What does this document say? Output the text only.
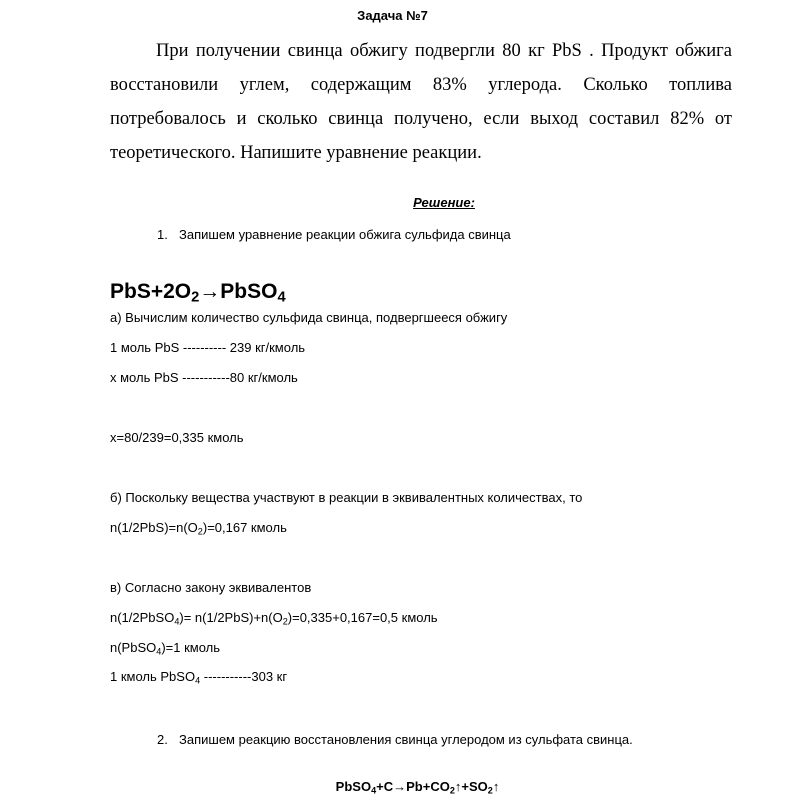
Задача №7

При получении свинца обжигу подвергли 80 кг PbS . Продукт обжига восстановили углем, содержащим 83% углерода. Сколько топлива потребовалось и сколько свинца получено, если выход составил 82% от теоретического. Напишите уравнение реакции.

Решение:
1. Запишем уравнение реакции обжига сульфида свинца
$PbS+2O_2\to PbSO_4$
а) Вычислим количество сульфида свинца, подвергшееся обжигу
1 моль PbS ---------- 239 кг/кмоль
х моль PbS -----------80 кг/кмоль
х=80/239=0,335 кмоль
б) Поскольку вещества участвуют в реакции в эквивалентных количествах, то
$n(1/2PbS)=n(O_2)=0,167$ кмоль
в) Согласно закону эквивалентов
n(1/2PbSO$_4$)= $n(1/2PbS)+n(O_2)=0,335+0,167=0,5$ кмоль
n(PbSO$_4$)=1 кмоль
1 кмоль PbSO$_4$ -----------303 кг
2. Запишем реакцию восстановления свинца углеродом из сульфата свинца.
$PbSO_4+C\to Pb+CO_2↑+SO_2↑$
